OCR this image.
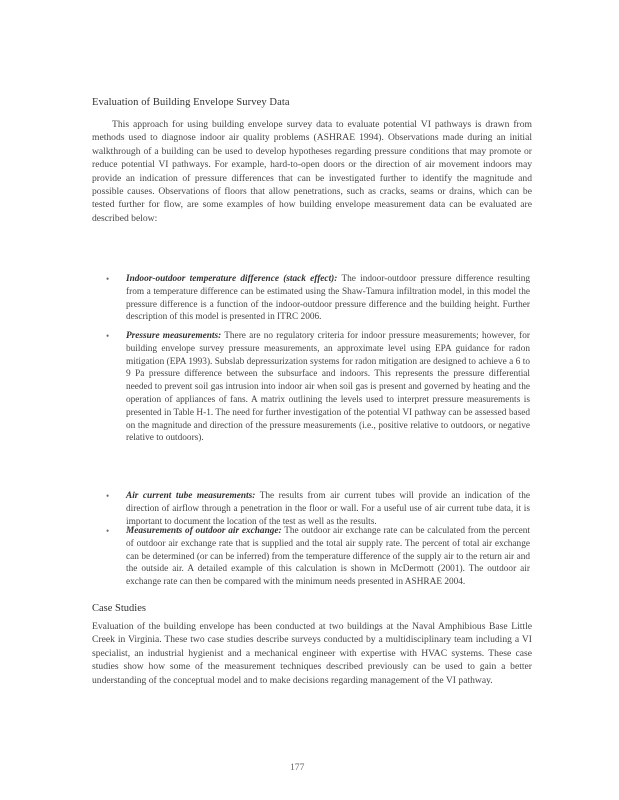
Evaluation of Building Envelope Survey Data
This approach for using building envelope survey data to evaluate potential VI pathways is drawn from methods used to diagnose indoor air quality problems (ASHRAE 1994). Observations made during an initial walkthrough of a building can be used to develop hypotheses regarding pressure conditions that may promote or reduce potential VI pathways. For example, hard-to-open doors or the direction of air movement indoors may provide an indication of pressure differences that can be investigated further to identify the magnitude and possible causes. Observations of floors that allow penetrations, such as cracks, seams or drains, which can be tested further for flow, are some examples of how building envelope measurement data can be evaluated are described below:
•	Indoor-outdoor temperature difference (stack effect): The indoor-outdoor pressure difference resulting from a temperature difference can be estimated using the Shaw-Tamura infiltration model, in this model the pressure difference is a function of the indoor-outdoor pressure difference and the building height. Further description of this model is presented in ITRC 2006.
•	Pressure measurements: There are no regulatory criteria for indoor pressure measurements; however, for building envelope survey pressure measurements, an approximate level using EPA guidance for radon mitigation (EPA 1993). Subslab depressurization systems for radon mitigation are designed to achieve a 6 to 9 Pa pressure difference between the subsurface and indoors. This represents the pressure differential needed to prevent soil gas intrusion into indoor air when soil gas is present and governed by heating and the operation of appliances of fans. A matrix outlining the levels used to interpret pressure measurements is presented in Table H-1. The need for further investigation of the potential VI pathway can be assessed based on the magnitude and direction of the pressure measurements (i.e., positive relative to outdoors, or negative relative to outdoors).
•	Air current tube measurements: The results from air current tubes will provide an indication of the direction of airflow through a penetration in the floor or wall. For a useful use of air current tube data, it is important to document the location of the test as well as the results.
•	Measurements of outdoor air exchange: The outdoor air exchange rate can be calculated from the percent of outdoor air exchange rate that is supplied and the total air supply rate. The percent of total air exchange can be determined (or can be inferred) from the temperature difference of the supply air to the return air and the outside air. A detailed example of this calculation is shown in McDermott (2001). The outdoor air exchange rate can then be compared with the minimum needs presented in ASHRAE 2004.
Case Studies
Evaluation of the building envelope has been conducted at two buildings at the Naval Amphibious Base Little Creek in Virginia. These two case studies describe surveys conducted by a multidisciplinary team including a VI specialist, an industrial hygienist and a mechanical engineer with expertise with HVAC systems. These case studies show how some of the measurement techniques described previously can be used to gain a better understanding of the conceptual model and to make decisions regarding management of the VI pathway.
177
